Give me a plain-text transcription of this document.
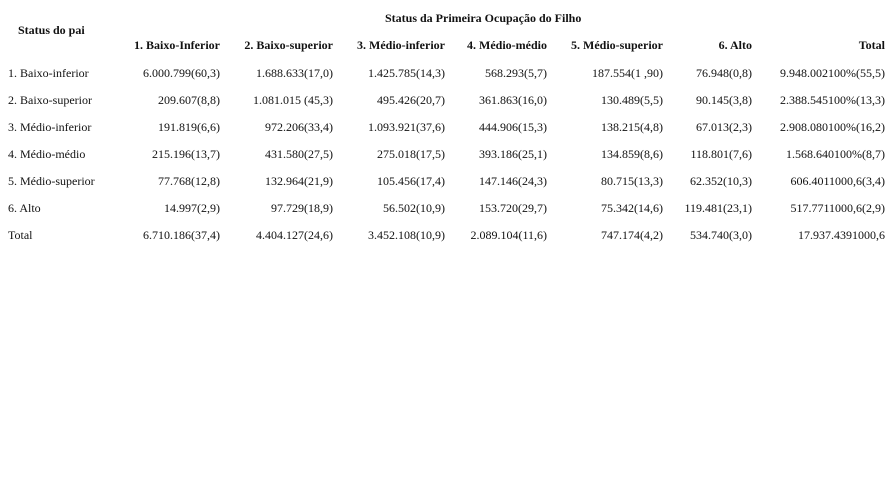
Status do pai
Status da Primeira Ocupação do Filho
1. Baixo-Inferior 2. Baixo-superior 3. Médio-inferior 4. Médio-médio 5. Médio-superior	6. Alto	Total
1. Baixo-inferior	6.000.799(60,3)	1.688.633(17,0)	1.425.785(14,3)	568.293(5,7)	187.554(1 ,90)	76.948(0,8) 9.948.002100%(55,5)
2. Baixo-superior	209.607(8,8)	1.081.015 (45,3)	495.426(20,7)	361.863(16,0)	130.489(5,5)	90.145(3,8) 2.388.545100%(13,3)
3. Médio-inferior	191.819(6,6)	972.206(33,4)	1.093.921(37,6)	444.906(15,3)	138.215(4,8)	67.013(2,3) 2.908.080100%(16,2)
4. Médio-médio	215.196(13,7)	431.580(27,5)	275.018(17,5)	393.186(25,1)	134.859(8,6) 118.801(7,6)	1.568.640100%(8,7)
5. Médio-superior	77.768(12,8)	132.964(21,9)	105.456(17,4)	147.146(24,3)	80.715(13,3) 62.352(10,3)	606.4011000,6(3,4)
6. Alto	14.997(2,9)	97.729(18,9)	56.502(10,9)	153.720(29,7)	75.342(14,6) 119.481(23,1)	517.7711000,6(2,9)
Total	6.710.186(37,4)	4.404.127(24,6)	3.452.108(10,9) 2.089.104(11,6)	747.174(4,2) 534.740(3,0)	17.937.4391000,6
